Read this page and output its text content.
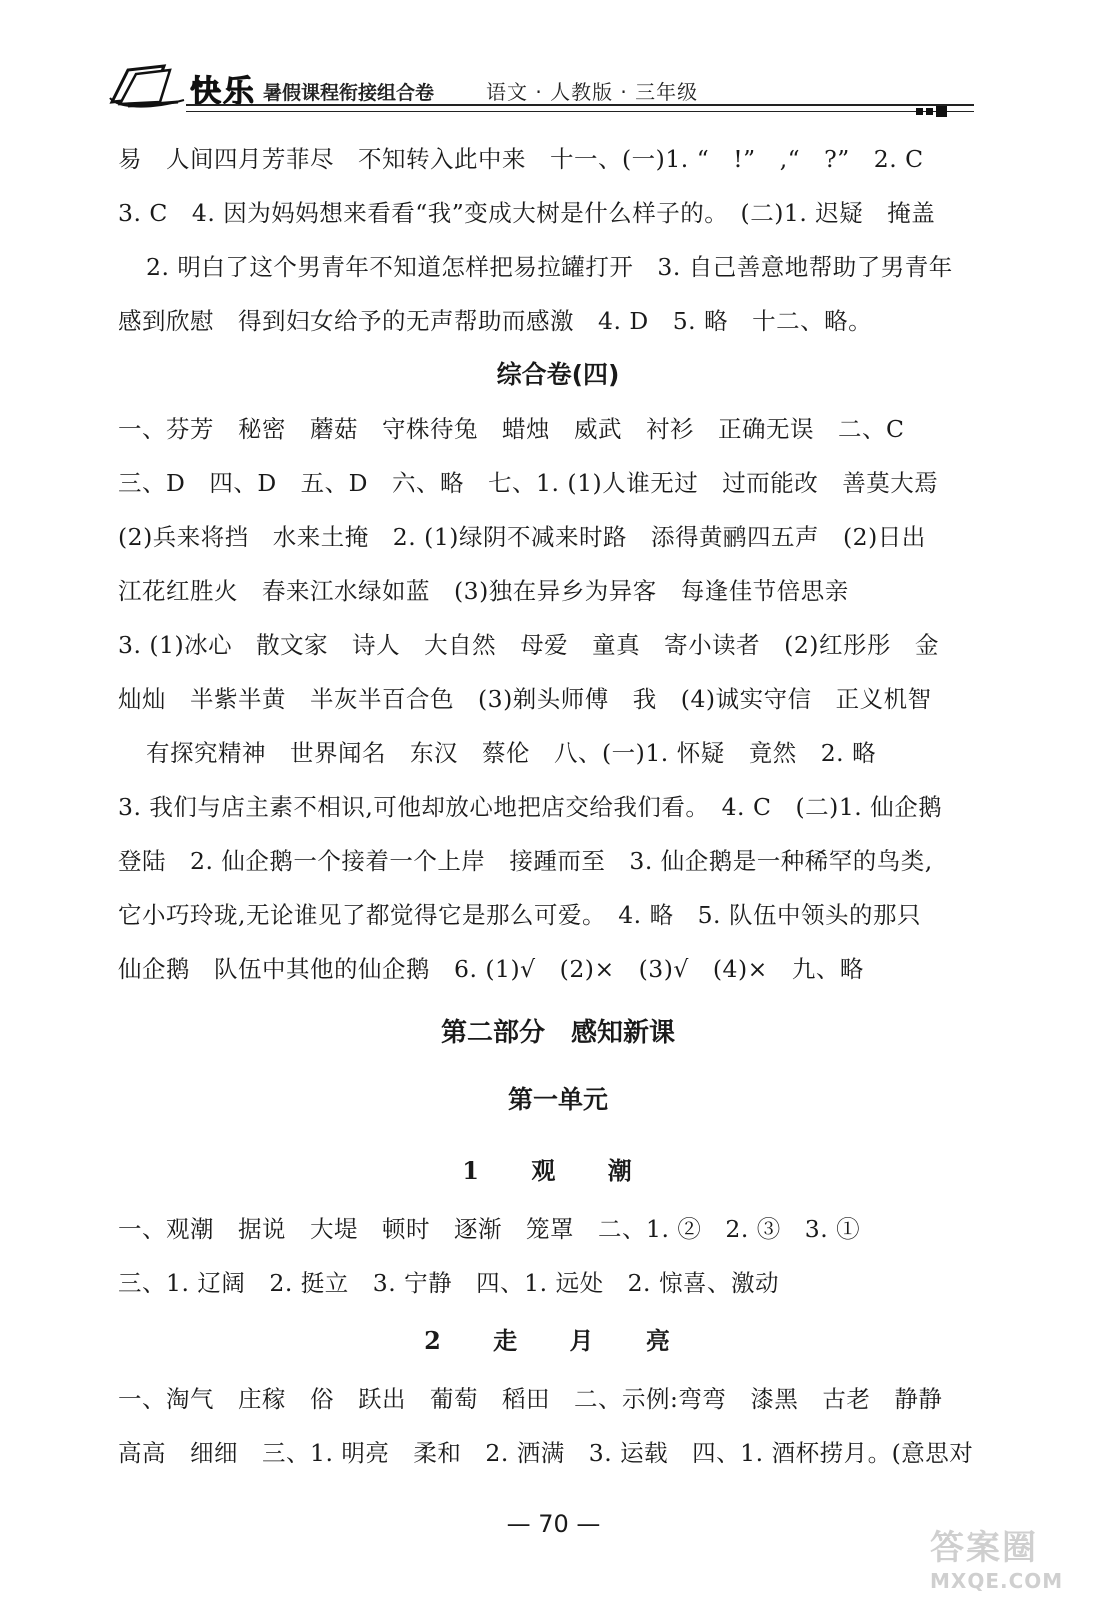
快乐 暑假课程衔接组合卷	语文 · 人教版 · 三年级
易　人间四月芳菲尽　不知转入此中来　十一、(一)1. “　!”　,“　?”　2. C
3. C　4. 因为妈妈想来看看“我”变成大树是什么样子的。　(二)1. 迟疑　掩盖
2. 明白了这个男青年不知道怎样把易拉罐打开　3. 自己善意地帮助了男青年
感到欣慰　得到妇女给予的无声帮助而感激　4. D　5. 略　十二、略。
综合卷(四)
一、芬芳　秘密　蘑菇　守株待兔　蜡烛　威武　衬衫　正确无误　二、C
三、D　四、D　五、D　六、略　七、1. (1)人谁无过　过而能改　善莫大焉
(2)兵来将挡　水来土掩　2. (1)绿阴不减来时路　添得黄鹂四五声　(2)日出
江花红胜火　春来江水绿如蓝　(3)独在异乡为异客　每逢佳节倍思亲
3. (1)冰心　散文家　诗人　大自然　母爱　童真　寄小读者　(2)红彤彤　金
灿灿　半紫半黄　半灰半百合色　(3)剃头师傅　我　(4)诚实守信　正义机智
有探究精神　世界闻名　东汉　蔡伦　八、(一)1. 怀疑　竟然　2. 略
3. 我们与店主素不相识,可他却放心地把店交给我们看。　4. C　(二)1. 仙企鹅
登陆　2. 仙企鹅一个接着一个上岸　接踵而至　3. 仙企鹅是一种稀罕的鸟类,
它小巧玲珑,无论谁见了都觉得它是那么可爱。　4. 略　5. 队伍中领头的那只
仙企鹅　队伍中其他的仙企鹅　6. (1)√　(2)×　(3)√　(4)×　九、略
第二部分　感知新课
第一单元
1 观 潮
一、观潮　据说　大堤　顿时　逐渐　笼罩　二、1. ②　2. ③　3. ①
三、1. 辽阔　2. 挺立　3. 宁静　四、1. 远处　2. 惊喜、激动
2 走 月 亮
一、淘气　庄稼　俗　跃出　葡萄　稻田　二、示例:弯弯　漆黑　古老　静静
高高　细细　三、1. 明亮　柔和　2. 洒满　3. 运载　四、1. 酒杯捞月。(意思对
— 70 —
答案圈
MXQE.COM
